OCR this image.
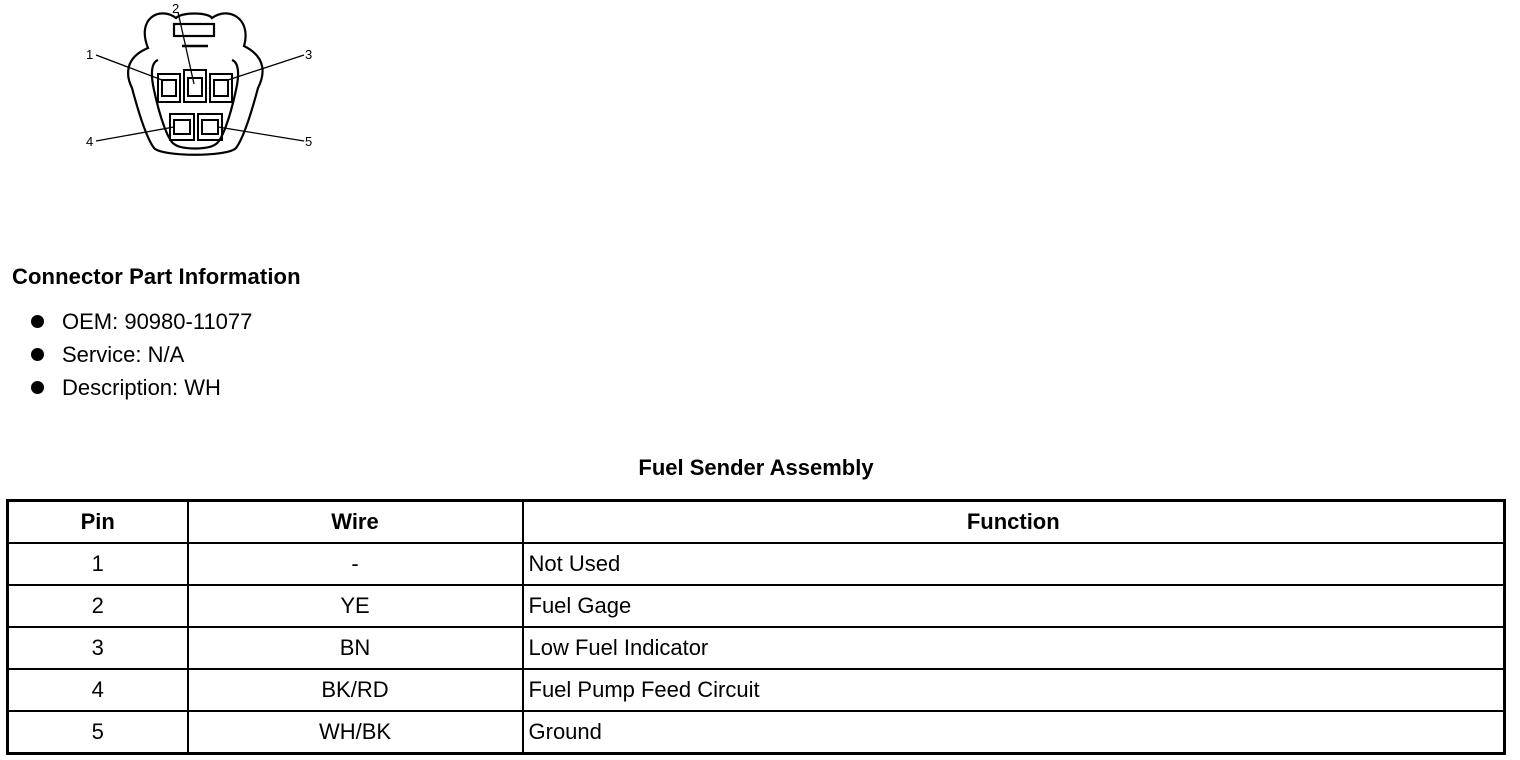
1
2
3
4	5
Connector Part Information
OEM: 90980-11077
Service: N/A
Description: WH
Fuel Sender Assembly
Pin	Wire	Function
1	-	Not Used
2	YE	Fuel Gage
3	BN	Low Fuel Indicator
4	BK/RD	Fuel Pump Feed Circuit
5	WH/BK	Ground
